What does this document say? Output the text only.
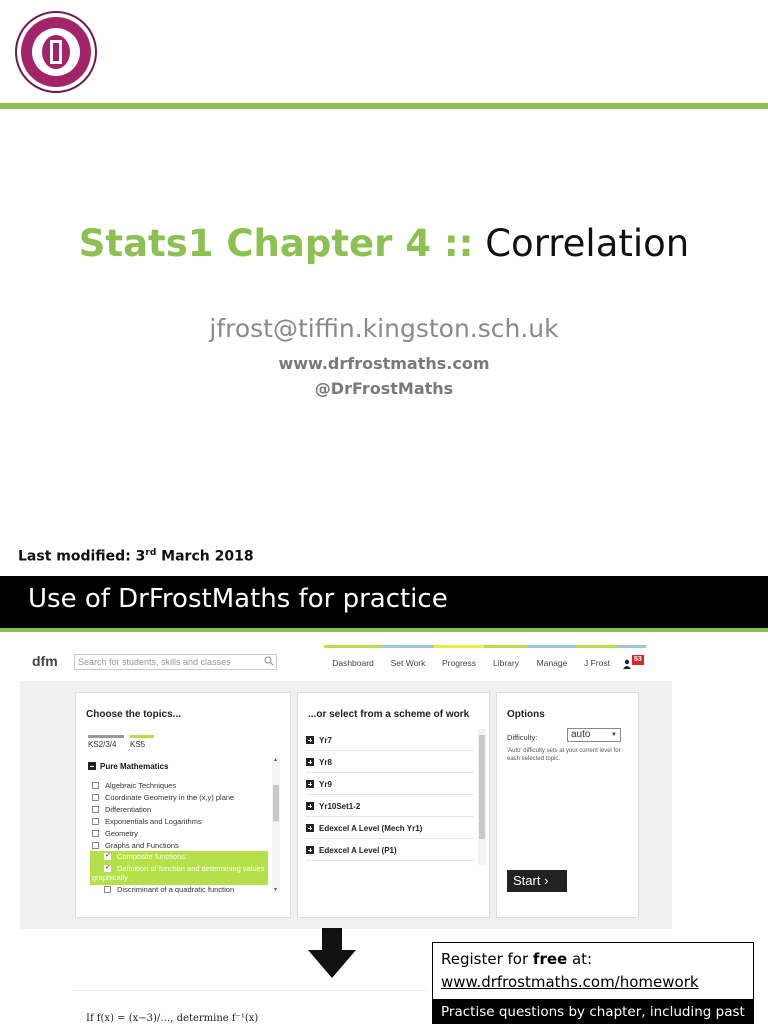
Stats1 Chapter 4 :: Correlation
jfrost@tiffin.kingston.sch.uk
www.drfrostmaths.com
@DrFrostMaths
Last modified: 3rd March 2018
Use of DrFrostMaths for practice
dfm	Search for students, skills and classes	Dashboard	Set Work	Progress	Library	Manage	J Frost	53
Choose the topics...
KS2/3/4	KS5
Pure Mathematics
Algebraic Techniques
Coordinate Geometry in the (x,y) plane
Differentiation
Exponentials and Logarithms
Geometry
Graphs and Functions
✓Composite functions
✓Definition of function and determining values graphically
Discriminant of a quadratic function
▲
▼
...or select from a scheme of work
Yr7
Yr8
Yr9
Yr10Set1-2
Edexcel A Level (Mech Yr1)
Edexcel A Level (P1)
Options
Difficulty:	auto	▼
'Auto' difficulty sets at your current level for each selected topic.
Start ›
If f(x) = (x−3)/…, determine f⁻¹(x)
Register for free at:
www.drfrostmaths.com/homework
Practise questions by chapter, including past
